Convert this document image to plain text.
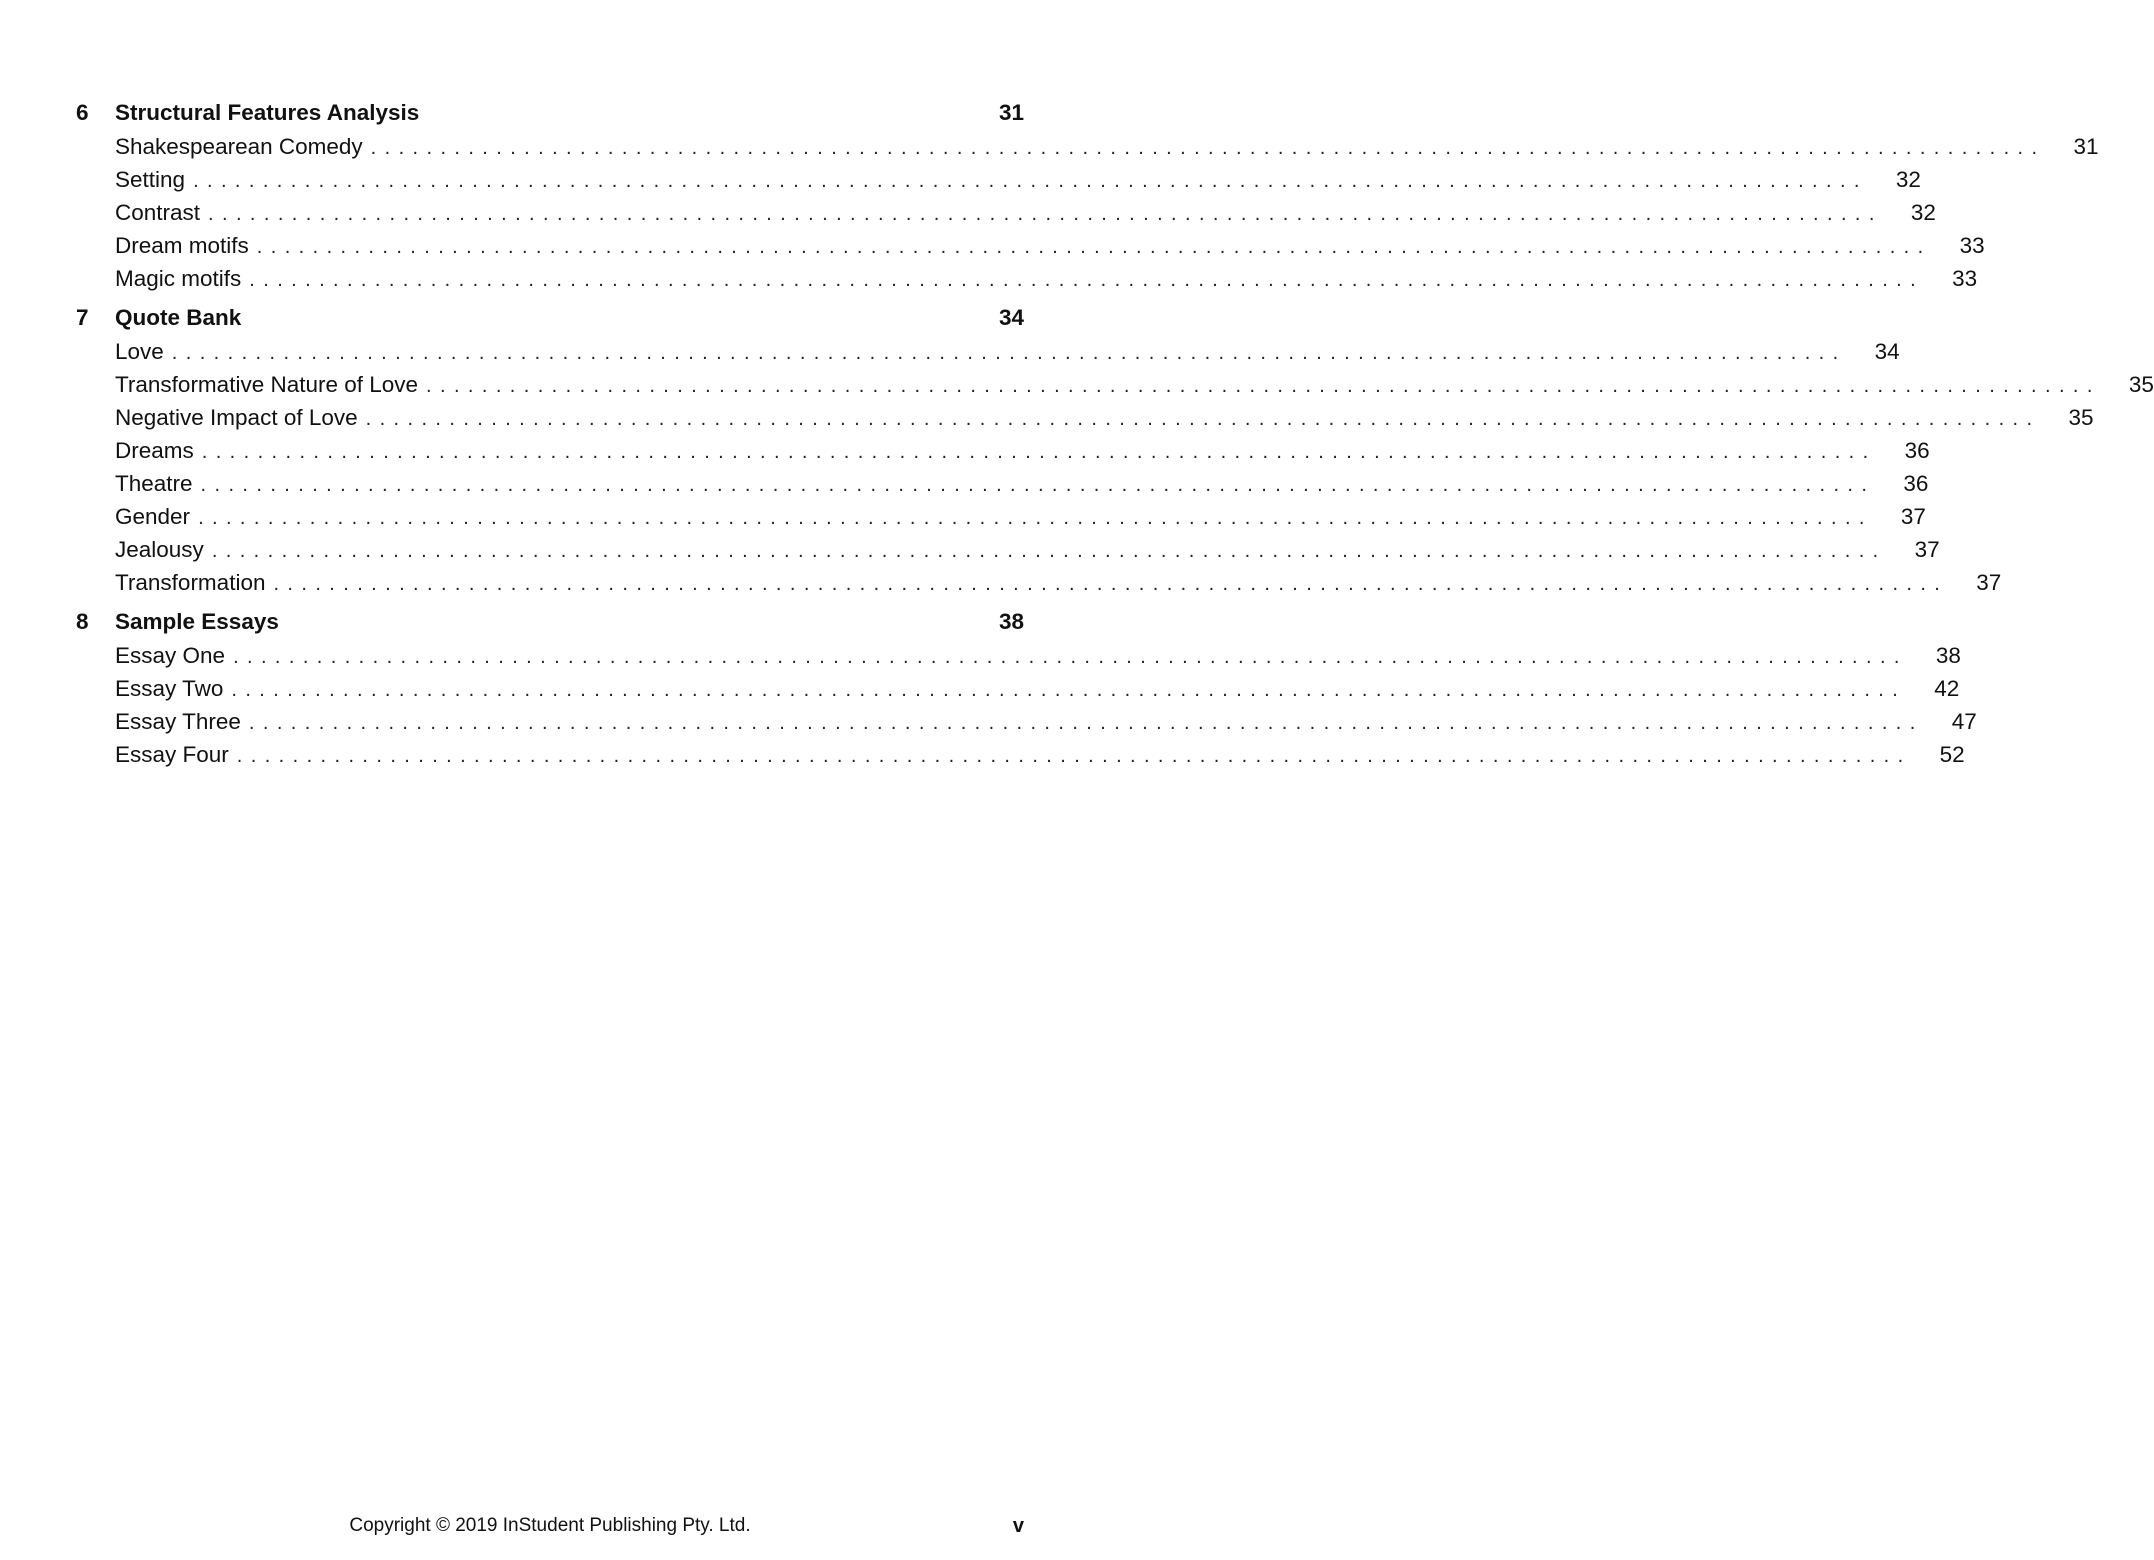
6	Structural Features Analysis	31
Shakespearean Comedy ........................................................................................................................ 31
Setting ........................................................................................................................ 32
Contrast ........................................................................................................................ 32
Dream motifs ........................................................................................................................ 33
Magic motifs ........................................................................................................................ 33
7	Quote Bank	34
Love ........................................................................................................................ 34
Transformative Nature of Love ........................................................................................................................ 35
Negative Impact of Love ........................................................................................................................ 35
Dreams ........................................................................................................................ 36
Theatre ........................................................................................................................ 36
Gender ........................................................................................................................ 37
Jealousy ........................................................................................................................ 37
Transformation ........................................................................................................................ 37
8	Sample Essays	38
Essay One ........................................................................................................................ 38
Essay Two ........................................................................................................................ 42
Essay Three ........................................................................................................................ 47
Essay Four ........................................................................................................................ 52
Copyright © 2019 InStudent Publishing Pty. Ltd.	v
